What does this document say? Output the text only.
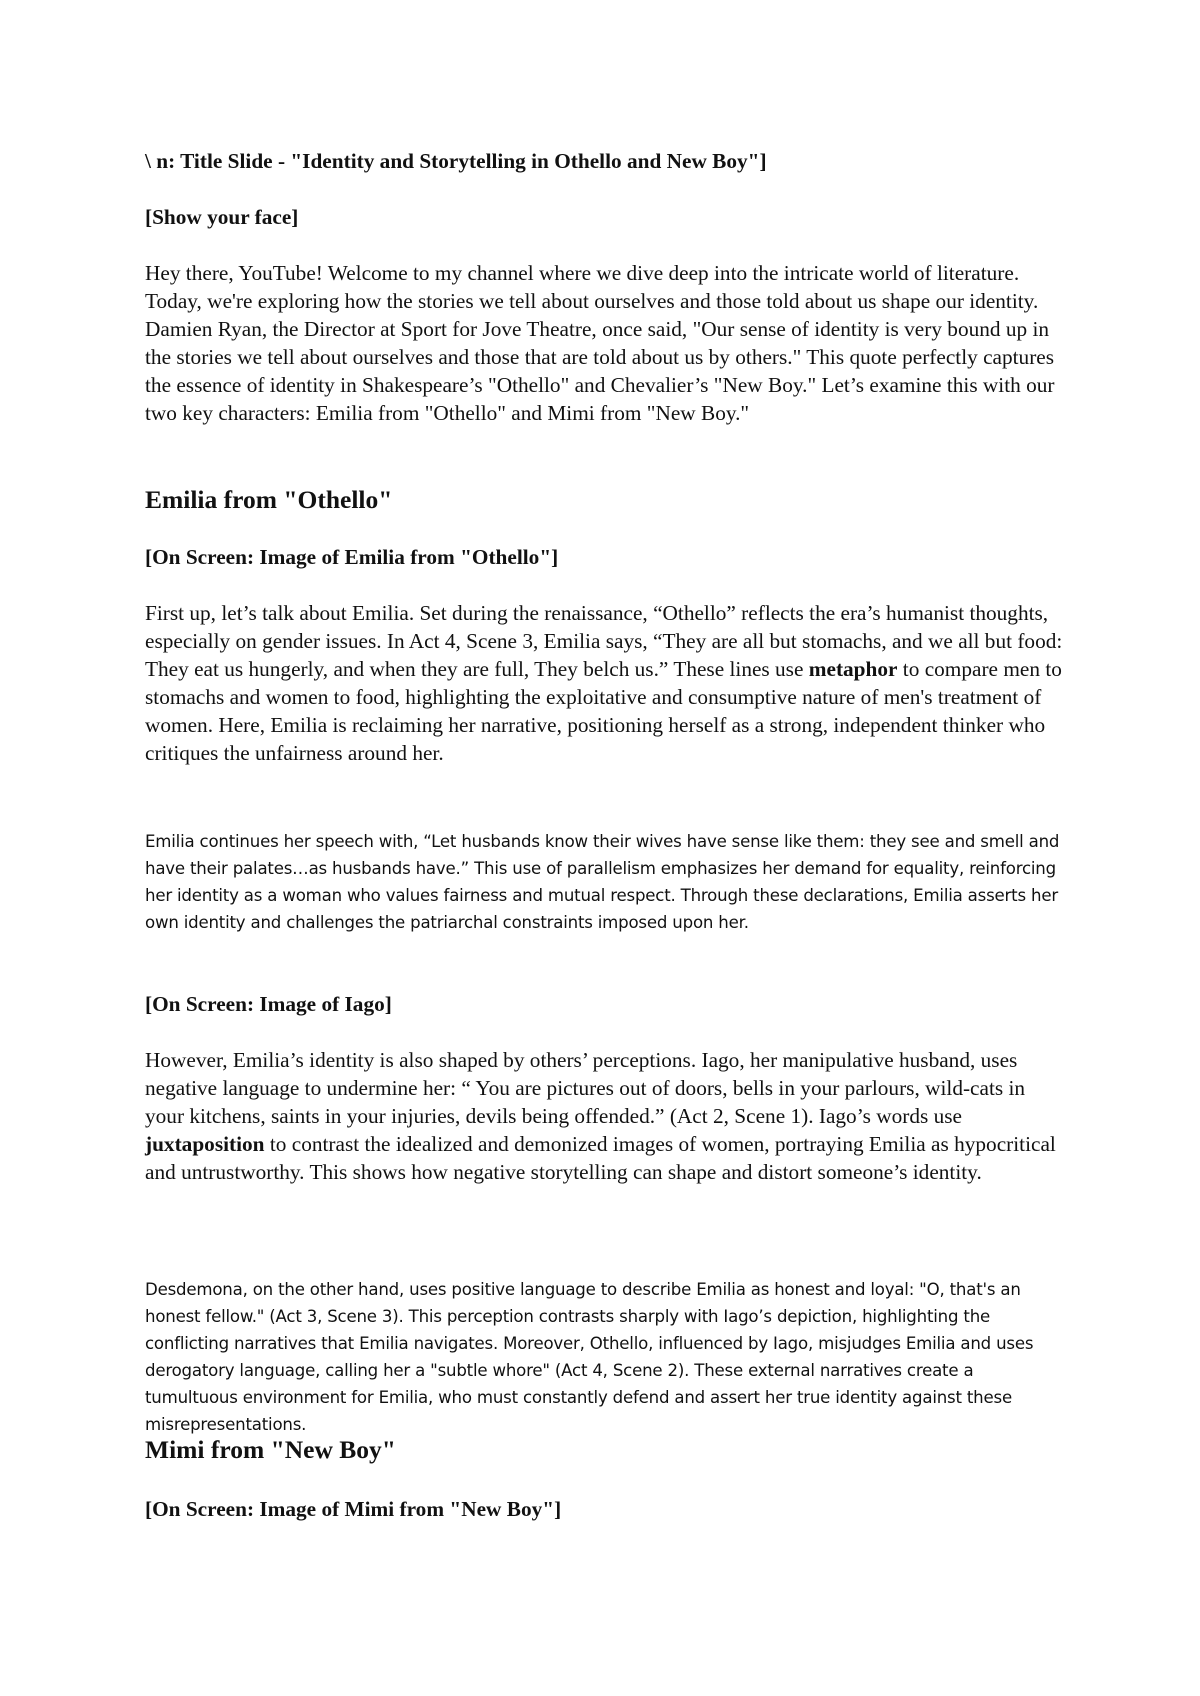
\ n: Title Slide - "Identity and Storytelling in Othello and New Boy"]

[Show your face]

Hey there, YouTube! Welcome to my channel where we dive deep into the intricate world of literature. Today, we're exploring how the stories we tell about ourselves and those told about us shape our identity. Damien Ryan, the Director at Sport for Jove Theatre, once said, "Our sense of identity is very bound up in the stories we tell about ourselves and those that are told about us by others." This quote perfectly captures the essence of identity in Shakespeare’s "Othello" and Chevalier’s "New Boy." Let’s examine this with our two key characters: Emilia from "Othello" and Mimi from "New Boy."

Emilia from "Othello"

[On Screen: Image of Emilia from "Othello"]

First up, let’s talk about Emilia. Set during the renaissance, “Othello” reflects the era’s humanist thoughts, especially on gender issues. In Act 4, Scene 3, Emilia says, “They are all but stomachs, and we all but food: They eat us hungerly, and when they are full, They belch us.” These lines use metaphor to compare men to stomachs and women to food, highlighting the exploitative and consumptive nature of men's treatment of women. Here, Emilia is reclaiming her narrative, positioning herself as a strong, independent thinker who critiques the unfairness around her.

Emilia continues her speech with, “Let husbands know their wives have sense like them: they see and smell and have their palates…as husbands have.” This use of parallelism emphasizes her demand for equality, reinforcing her identity as a woman who values fairness and mutual respect. Through these declarations, Emilia asserts her own identity and challenges the patriarchal constraints imposed upon her.

[On Screen: Image of Iago]

However, Emilia’s identity is also shaped by others’ perceptions. Iago, her manipulative husband, uses negative language to undermine her: “ You are pictures out of doors, bells in your parlours, wild-cats in your kitchens, saints in your injuries, devils being offended.” (Act 2, Scene 1). Iago’s words use juxtaposition to contrast the idealized and demonized images of women, portraying Emilia as hypocritical and untrustworthy. This shows how negative storytelling can shape and distort someone’s identity.

Desdemona, on the other hand, uses positive language to describe Emilia as honest and loyal: "O, that's an honest fellow." (Act 3, Scene 3). This perception contrasts sharply with Iago’s depiction, highlighting the conflicting narratives that Emilia navigates. Moreover, Othello, influenced by Iago, misjudges Emilia and uses derogatory language, calling her a "subtle whore" (Act 4, Scene 2). These external narratives create a tumultuous environment for Emilia, who must constantly defend and assert her true identity against these misrepresentations.

Mimi from "New Boy"

[On Screen: Image of Mimi from "New Boy"]
